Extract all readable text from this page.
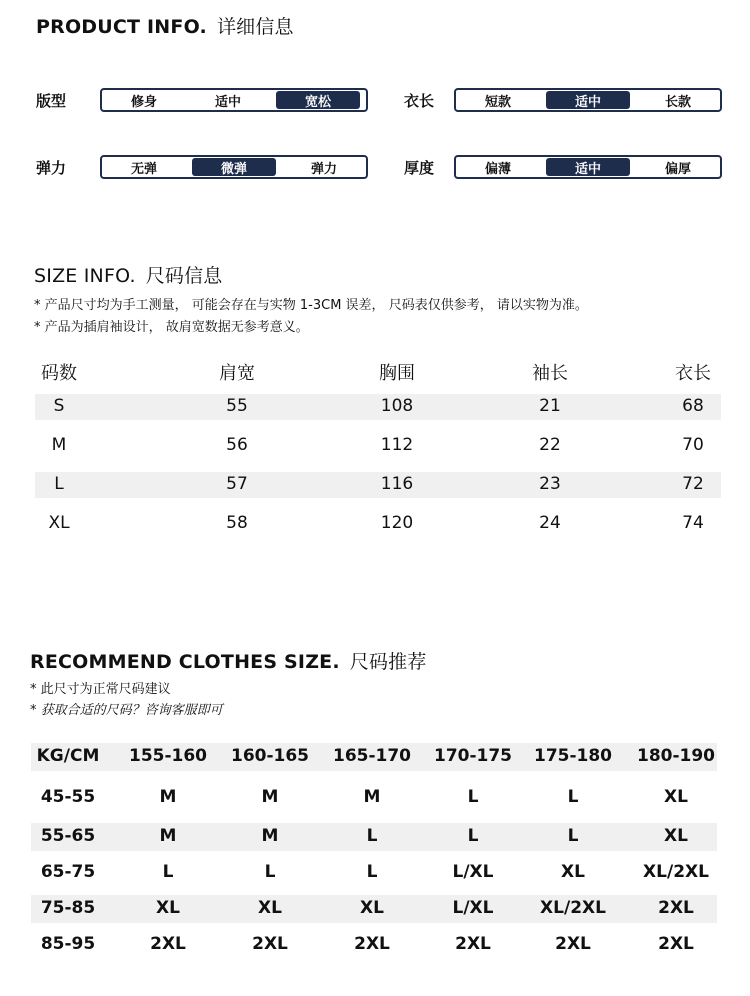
PRODUCT INFO. 详细信息
版型	修身	适中	宽松	衣长	短款	适中	长款
弹力	无弹	微弹	弹力	厚度	偏薄	适中	偏厚
SIZE INFO. 尺码信息
* 产品尺寸均为手工测量， 可能会存在与实物 1-3CM 误差， 尺码表仅供参考， 请以实物为准。
* 产品为插肩袖设计， 故肩宽数据无参考意义。
码数	肩宽	胸围	袖长	衣长
S	55	108	21	68
M	56	112	22	70
L	57	116	23	72
XL	58	120	24	74
RECOMMEND CLOTHES SIZE. 尺码推荐
* 此尺寸为正常尺码建议
* 获取合适的尺码？咨询客服即可
KG/CM 155-160 160-165 165-170 170-175 175-180 180-190
45-55	M	M	M	L	L	XL
55-65	M	M	L	L	L	XL
65-75	L	L	L	L/XL	XL	XL/2XL
75-85	XL	XL	XL	L/XL	XL/2XL	2XL
85-95	2XL	2XL	2XL	2XL	2XL	2XL
